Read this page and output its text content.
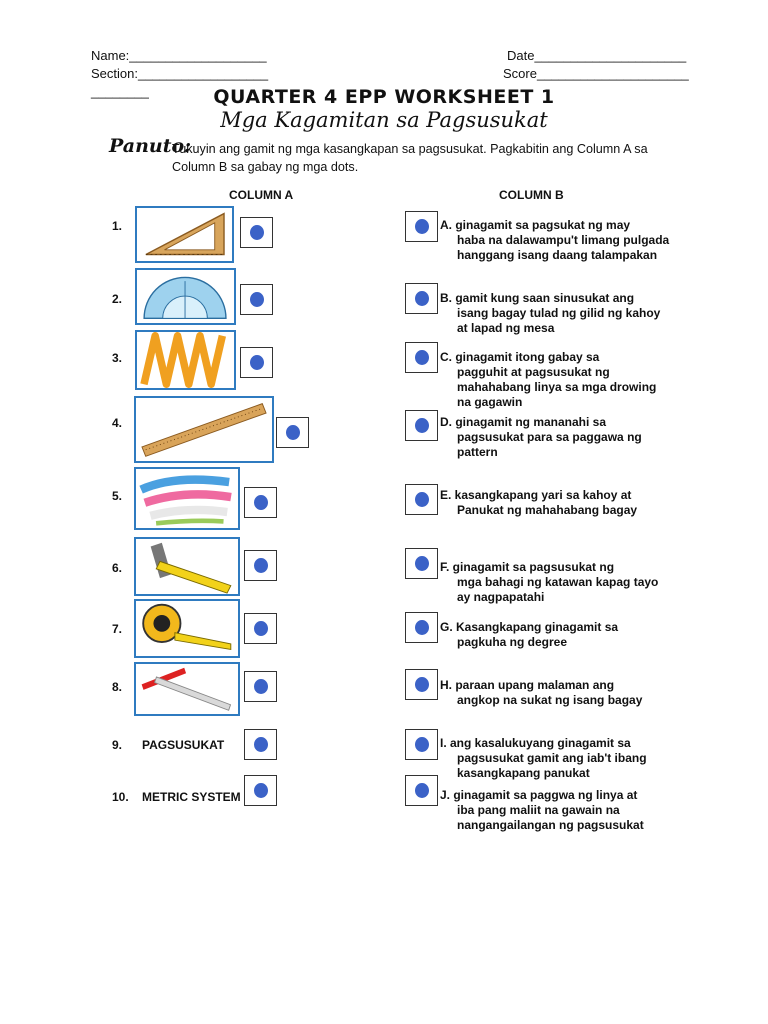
Name:___________________
Section:__________________
________
Date_____________________
Score_____________________
QUARTER 4 EPP WORKSHEET 1
Mga Kagamitan sa Pagsusukat
Panuto:
Tukuyin ang gamit ng mga kasangkapan sa pagsusukat. Pagkabitin ang Column A sa Column B sa gabay ng mga dots.
COLUMN A	COLUMN B
1.
2.
3.
4.
5.
6.
7.
8.
9.
10.
PAGSUSUKAT
METRIC SYSTEM
A. ginagamit sa pagsukat ng may
haba na dalawampu't limang pulgada hanggang isang daang talampakan
B. gamit kung saan sinusukat ang
isang bagay tulad ng gilid ng kahoy at lapad ng mesa
C. ginagamit itong gabay sa
pagguhit at pagsusukat ng mahahabang linya sa mga drowing na gagawin
D. ginagamit ng mananahi sa
pagsusukat para sa paggawa ng pattern
E. kasangkapang yari sa kahoy at
Panukat ng mahahabang bagay
F. ginagamit sa pagsusukat ng
mga bahagi ng katawan kapag tayo ay nagpapatahi
G. Kasangkapang ginagamit sa
pagkuha ng degree
H. paraan upang malaman ang
angkop na sukat ng isang bagay
I. ang kasalukuyang ginagamit sa
pagsusukat gamit ang iab't ibang kasangkapang panukat
J. ginagamit sa paggwa ng linya at
iba pang maliit na gawain na nangangailangan ng pagsusukat
